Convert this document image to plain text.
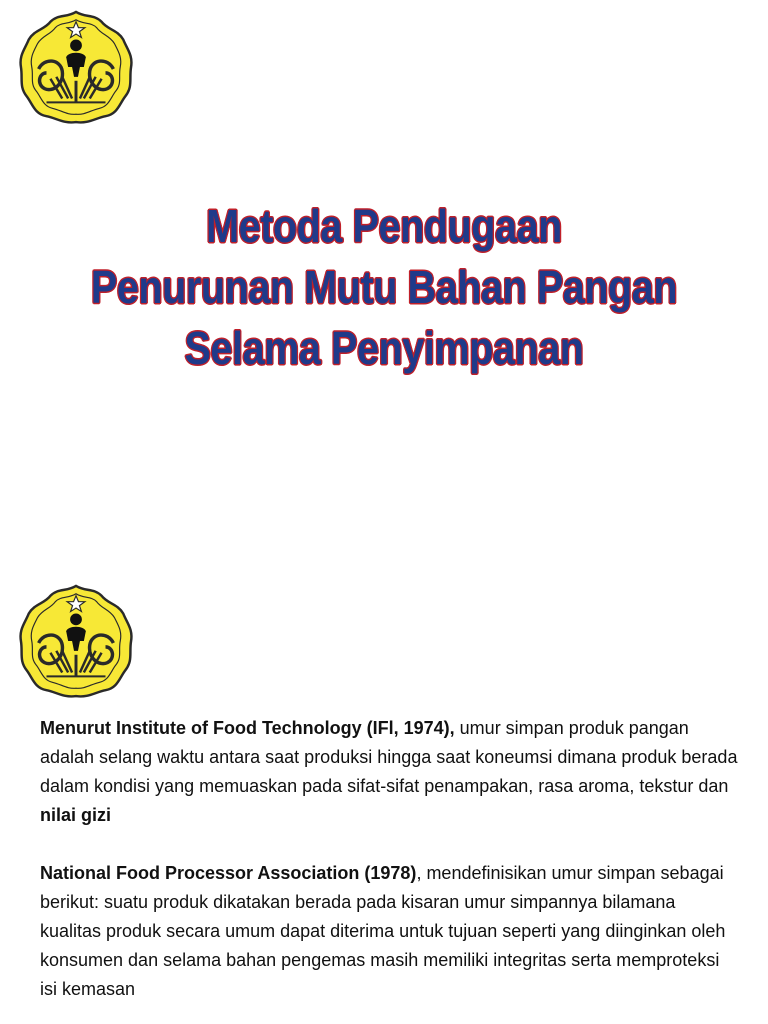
Metoda Pendugaan
Penurunan Mutu Bahan Pangan
Selama Penyimpanan

Menurut Institute of Food Technology (IFl, 1974), umur simpan produk pangan adalah selang waktu antara saat produksi hingga saat koneumsi dimana produk berada dalam kondisi yang memuaskan pada sifat-sifat penampakan, rasa aroma, tekstur dan nilai gizi

National Food Processor Association (1978), mendefinisikan umur simpan sebagai berikut: suatu produk dikatakan berada pada kisaran umur simpannya bilamana kualitas produk secara umum dapat diterima untuk tujuan seperti yang diinginkan oleh konsumen dan selama bahan pengemas masih memiliki integritas serta memproteksi isi kemasan
